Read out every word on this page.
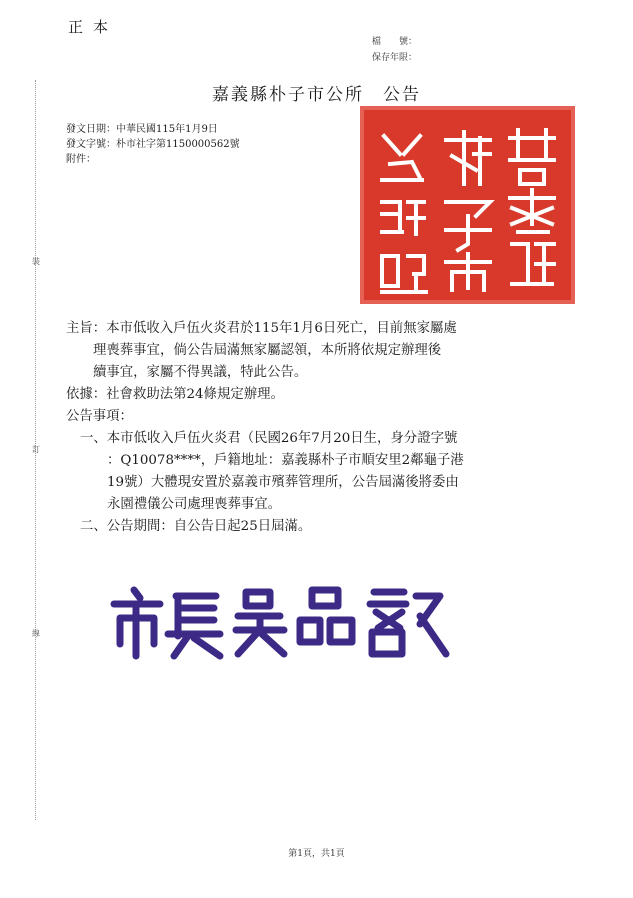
正本
檔　　號：
保存年限：
嘉義縣朴子市公所　公告
發文日期：中華民國115年1月9日
發文字號：朴市社字第1150000562號
附件：
主旨：本市低收入戶伍火炎君於115年1月6日死亡，目前無家屬處
理喪葬事宜，倘公告屆滿無家屬認領，本所將依規定辦理後
續事宜，家屬不得異議，特此公告。
依據：社會救助法第24條規定辦理。
公告事項：
一、本市低收入戶伍火炎君（民國26年7月20日生，身分證字號
：Q10078****，戶籍地址：嘉義縣朴子市順安里2鄰龜子港
19號）大體現安置於嘉義市殯葬管理所，公告屆滿後將委由
永園禮儀公司處理喪葬事宜。
二、公告期間：自公告日起25日屆滿。
裝
訂
線
第1頁，共1頁
